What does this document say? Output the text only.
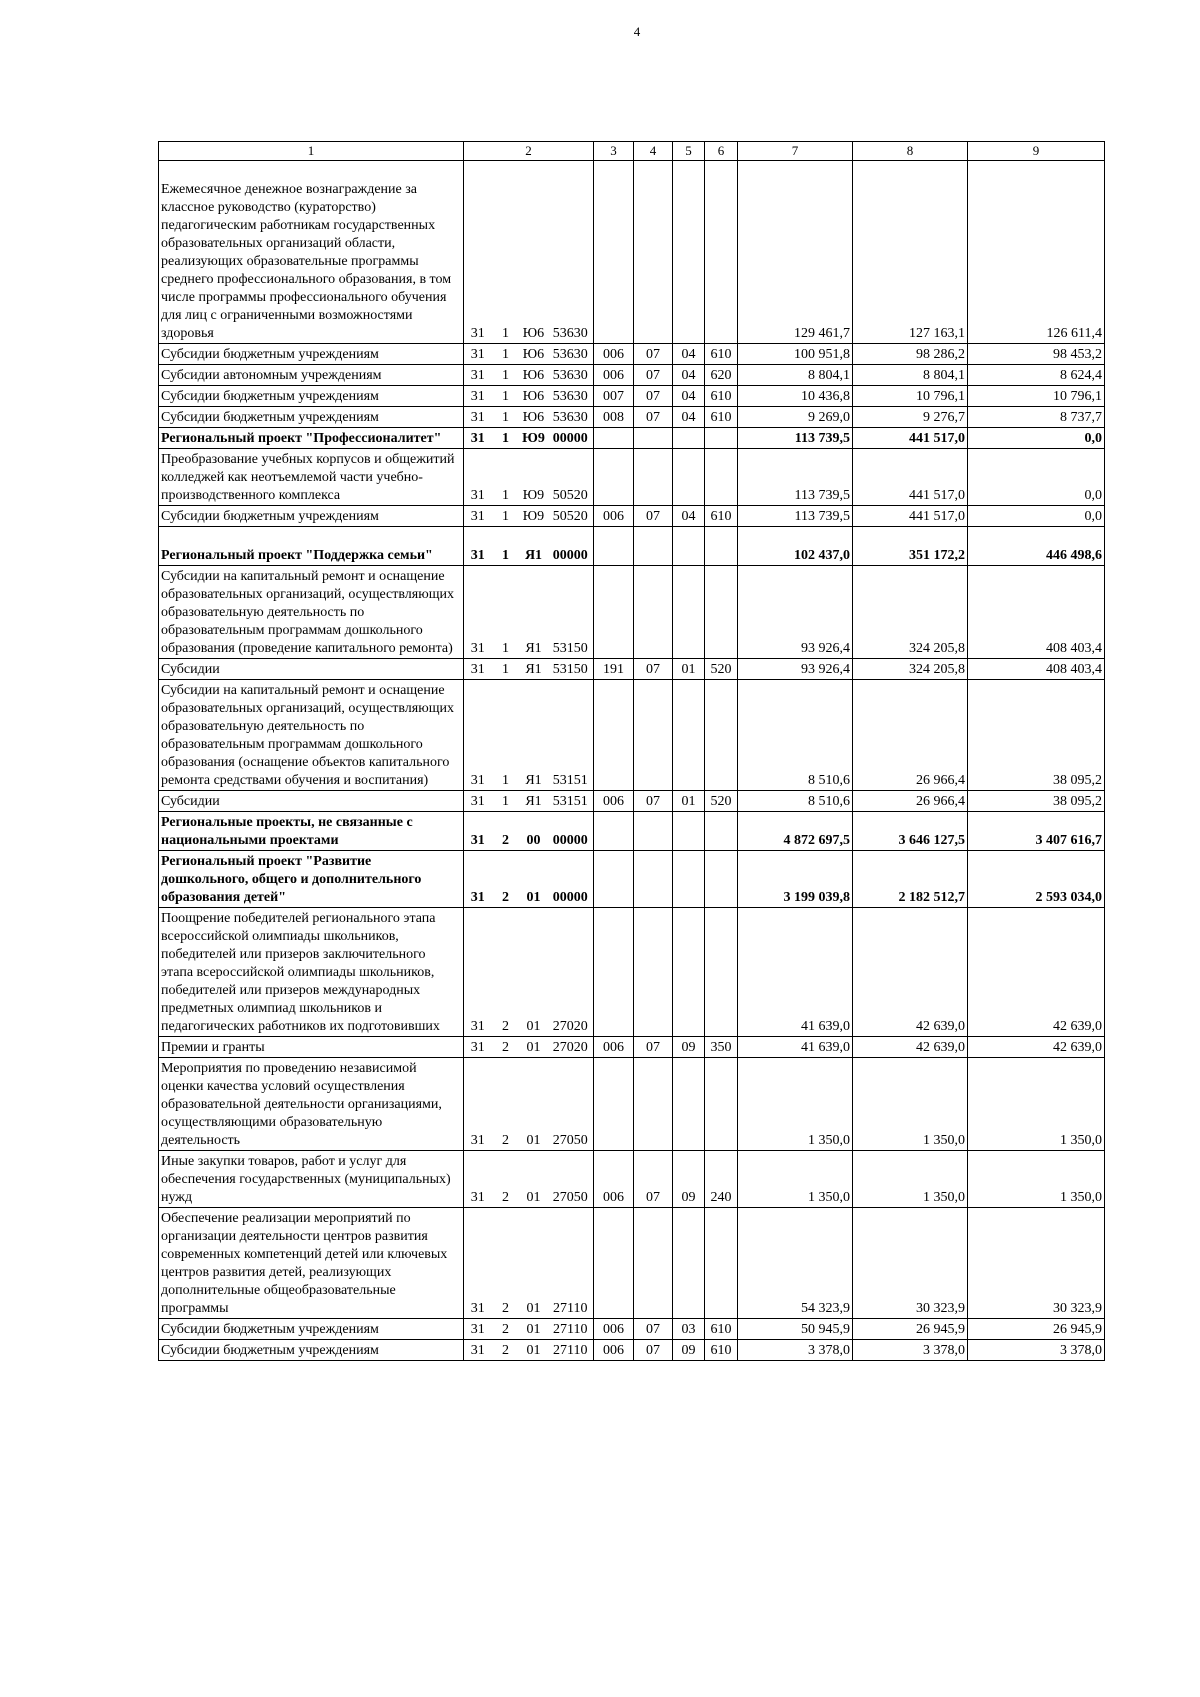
4
1	2				3	4	5	6	7	8	9
Ежемесячное денежное вознаграждение за классное руководство (кураторство) педагогическим работникам государственных образовательных организаций области, реализующих образовательные программы среднего профессионального образования, в том числе программы профессионального обучения для лиц с ограниченными возможностями здоровья	31	1	Ю6	53630					129 461,7	127 163,1	126 611,4
Субсидии бюджетным учреждениям	31	1	Ю6	53630	006	07	04	610	100 951,8	98 286,2	98 453,2
Субсидии автономным учреждениям	31	1	Ю6	53630	006	07	04	620	8 804,1	8 804,1	8 624,4
Субсидии бюджетным учреждениям	31	1	Ю6	53630	007	07	04	610	10 436,8	10 796,1	10 796,1
Субсидии бюджетным учреждениям	31	1	Ю6	53630	008	07	04	610	9 269,0	9 276,7	8 737,7
Региональный проект "Профессионалитет"	31	1	Ю9	00000					113 739,5	441 517,0	0,0
Преобразование учебных корпусов и общежитий колледжей как неотъемлемой части учебно-производственного комплекса	31	1	Ю9	50520					113 739,5	441 517,0	0,0
Субсидии бюджетным учреждениям	31	1	Ю9	50520	006	07	04	610	113 739,5	441 517,0	0,0
Региональный проект "Поддержка семьи"	31	1	Я1	00000					102 437,0	351 172,2	446 498,6
Субсидии на капитальный ремонт и оснащение образовательных организаций, осуществляющих образовательную деятельность по образовательным программам дошкольного образования (проведение капитального ремонта)	31	1	Я1	53150					93 926,4	324 205,8	408 403,4
Субсидии	31	1	Я1	53150	191	07	01	520	93 926,4	324 205,8	408 403,4
Субсидии на капитальный ремонт и оснащение образовательных организаций, осуществляющих образовательную деятельность по образовательным программам дошкольного образования (оснащение объектов капитального ремонта средствами обучения и воспитания)	31	1	Я1	53151					8 510,6	26 966,4	38 095,2
Субсидии	31	1	Я1	53151	006	07	01	520	8 510,6	26 966,4	38 095,2
Региональные проекты, не связанные с национальными проектами	31	2	00	00000					4 872 697,5	3 646 127,5	3 407 616,7
Региональный проект "Развитие дошкольного, общего и дополнительного образования детей"	31	2	01	00000					3 199 039,8	2 182 512,7	2 593 034,0
Поощрение победителей регионального этапа всероссийской олимпиады школьников, победителей или призеров заключительного этапа всероссийской олимпиады школьников, победителей или призеров международных предметных олимпиад школьников и педагогических работников их подготовивших	31	2	01	27020					41 639,0	42 639,0	42 639,0
Премии и гранты	31	2	01	27020	006	07	09	350	41 639,0	42 639,0	42 639,0
Мероприятия по проведению независимой оценки качества условий осуществления образовательной деятельности организациями, осуществляющими образовательную деятельность	31	2	01	27050					1 350,0	1 350,0	1 350,0
Иные закупки товаров, работ и услуг для обеспечения государственных (муниципальных) нужд	31	2	01	27050	006	07	09	240	1 350,0	1 350,0	1 350,0
Обеспечение реализации мероприятий по организации деятельности центров развития современных компетенций детей или ключевых центров развития детей, реализующих дополнительные общеобразовательные программы	31	2	01	27110					54 323,9	30 323,9	30 323,9
Субсидии бюджетным учреждениям	31	2	01	27110	006	07	03	610	50 945,9	26 945,9	26 945,9
Субсидии бюджетным учреждениям	31	2	01	27110	006	07	09	610	3 378,0	3 378,0	3 378,0
